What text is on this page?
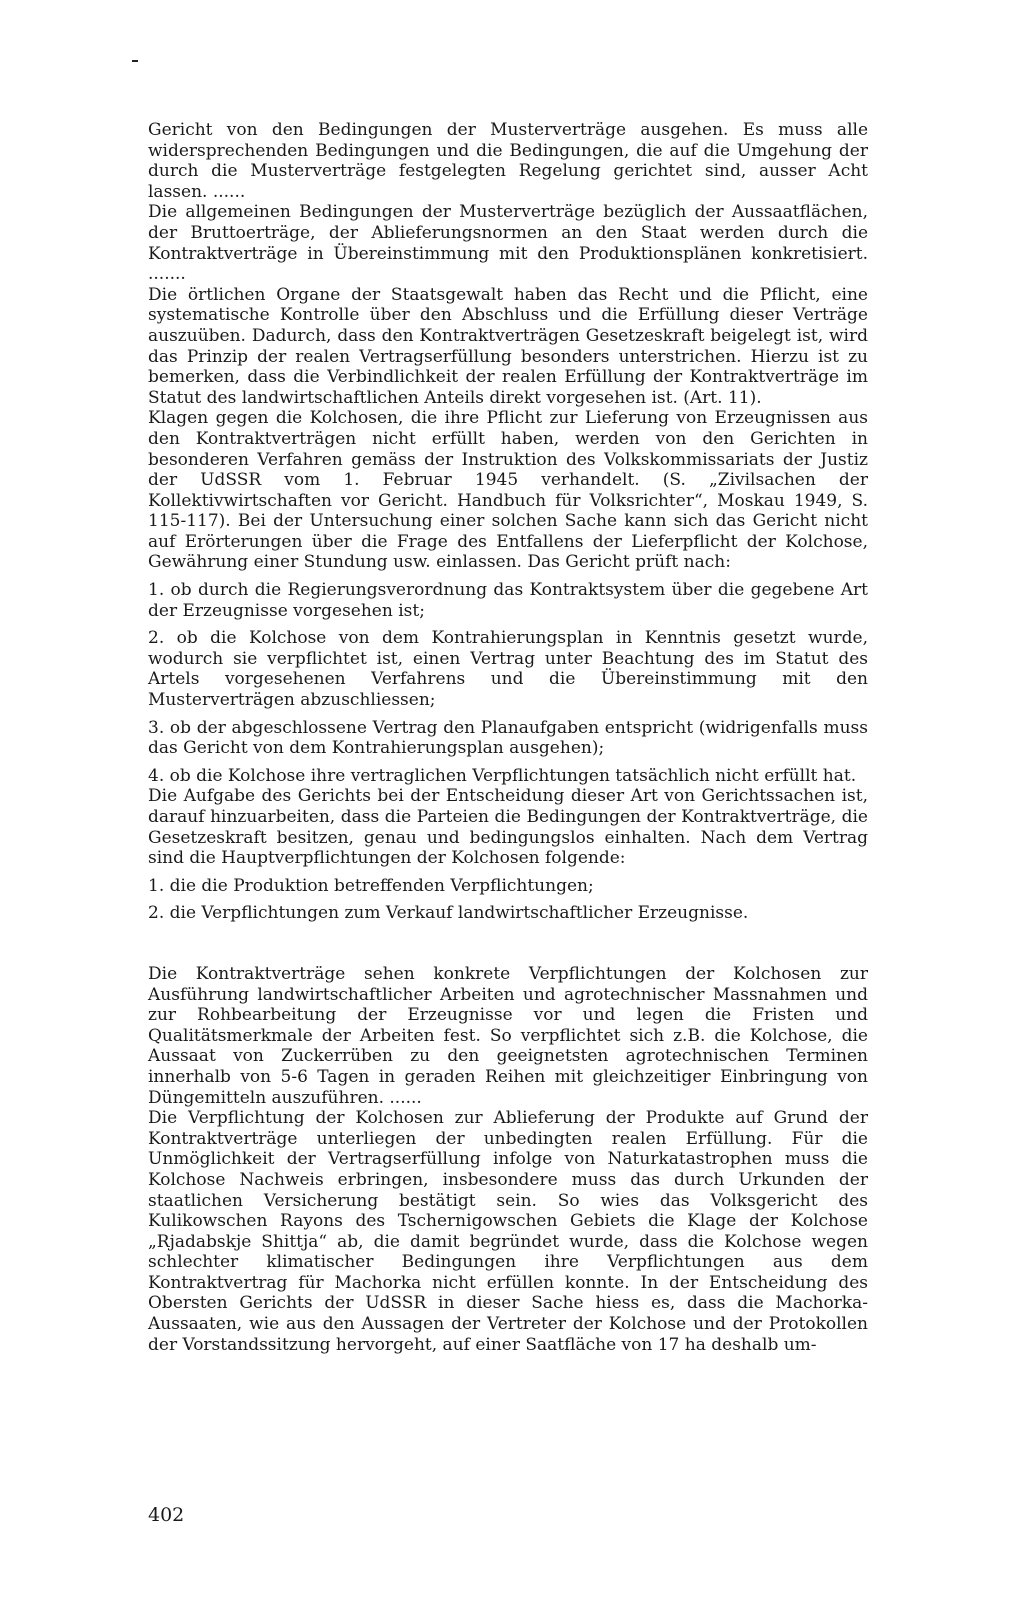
Gericht von den Bedingungen der Musterverträge ausgehen. Es muss alle widersprechenden Bedingungen und die Bedingungen, die auf die Umgehung der durch die Musterverträge festgelegten Regelung gerichtet sind, ausser Acht lassen. ......

Die allgemeinen Bedingungen der Musterverträge bezüglich der Aussaatflächen, der Bruttoerträge, der Ablieferungsnormen an den Staat werden durch die Kontraktverträge in Übereinstimmung mit den Produktionsplänen konkretisiert. .......

Die örtlichen Organe der Staatsgewalt haben das Recht und die Pflicht, eine systematische Kontrolle über den Abschluss und die Erfüllung dieser Verträge auszuüben. Dadurch, dass den Kontraktverträgen Gesetzeskraft beigelegt ist, wird das Prinzip der realen Vertragserfüllung besonders unterstrichen. Hierzu ist zu bemerken, dass die Verbindlichkeit der realen Erfüllung der Kontraktverträge im Statut des landwirtschaftlichen Anteils direkt vorgesehen ist. (Art. 11).

Klagen gegen die Kolchosen, die ihre Pflicht zur Lieferung von Erzeugnissen aus den Kontraktverträgen nicht erfüllt haben, werden von den Gerichten in besonderen Verfahren gemäss der Instruktion des Volkskommissariats der Justiz der UdSSR vom 1. Februar 1945 verhandelt. (S. „Zivilsachen der Kollektivwirtschaften vor Gericht. Handbuch für Volksrichter“, Moskau 1949, S. 115-117). Bei der Untersuchung einer solchen Sache kann sich das Gericht nicht auf Erörterungen über die Frage des Entfallens der Lieferpflicht der Kolchose, Gewährung einer Stundung usw. einlassen. Das Gericht prüft nach:

1. ob durch die Regierungsverordnung das Kontraktsystem über die gegebene Art der Erzeugnisse vorgesehen ist;

2. ob die Kolchose von dem Kontrahierungsplan in Kenntnis gesetzt wurde, wodurch sie verpflichtet ist, einen Vertrag unter Beachtung des im Statut des Artels vorgesehenen Verfahrens und die Übereinstimmung mit den Musterverträgen abzuschliessen;

3. ob der abgeschlossene Vertrag den Planaufgaben entspricht (widrigenfalls muss das Gericht von dem Kontrahierungsplan ausgehen);

4. ob die Kolchose ihre vertraglichen Verpflichtungen tatsächlich nicht erfüllt hat.

Die Aufgabe des Gerichts bei der Entscheidung dieser Art von Gerichtssachen ist, darauf hinzuarbeiten, dass die Parteien die Bedingungen der Kontraktverträge, die Gesetzeskraft besitzen, genau und bedingungslos einhalten. Nach dem Vertrag sind die Hauptverpflichtungen der Kolchosen folgende:

1. die die Produktion betreffenden Verpflichtungen;

2. die Verpflichtungen zum Verkauf landwirtschaftlicher Erzeugnisse.

Die Kontraktverträge sehen konkrete Verpflichtungen der Kolchosen zur Ausführung landwirtschaftlicher Arbeiten und agrotechnischer Massnahmen und zur Rohbearbeitung der Erzeugnisse vor und legen die Fristen und Qualitätsmerkmale der Arbeiten fest. So verpflichtet sich z.B. die Kolchose, die Aussaat von Zuckerrüben zu den geeignetsten agrotechnischen Terminen innerhalb von 5-6 Tagen in geraden Reihen mit gleichzeitiger Einbringung von Düngemitteln auszuführen. ......

Die Verpflichtung der Kolchosen zur Ablieferung der Produkte auf Grund der Kontraktverträge unterliegen der unbedingten realen Erfüllung. Für die Unmöglichkeit der Vertragserfüllung infolge von Naturkatastrophen muss die Kolchose Nachweis erbringen, insbesondere muss das durch Urkunden der staatlichen Versicherung bestätigt sein. So wies das Volksgericht des Kulikowschen Rayons des Tschernigowschen Gebiets die Klage der Kolchose „Rjadabskje Shittja“ ab, die damit begründet wurde, dass die Kolchose wegen schlechter klimatischer Bedingungen ihre Verpflichtungen aus dem Kontraktvertrag für Machorka nicht erfüllen konnte. In der Entscheidung des Obersten Gerichts der UdSSR in dieser Sache hiess es, dass die Machorka-Aussaaten, wie aus den Aussagen der Vertreter der Kolchose und der Protokollen der Vorstandssitzung hervorgeht, auf einer Saatfläche von 17 ha deshalb um-

402
